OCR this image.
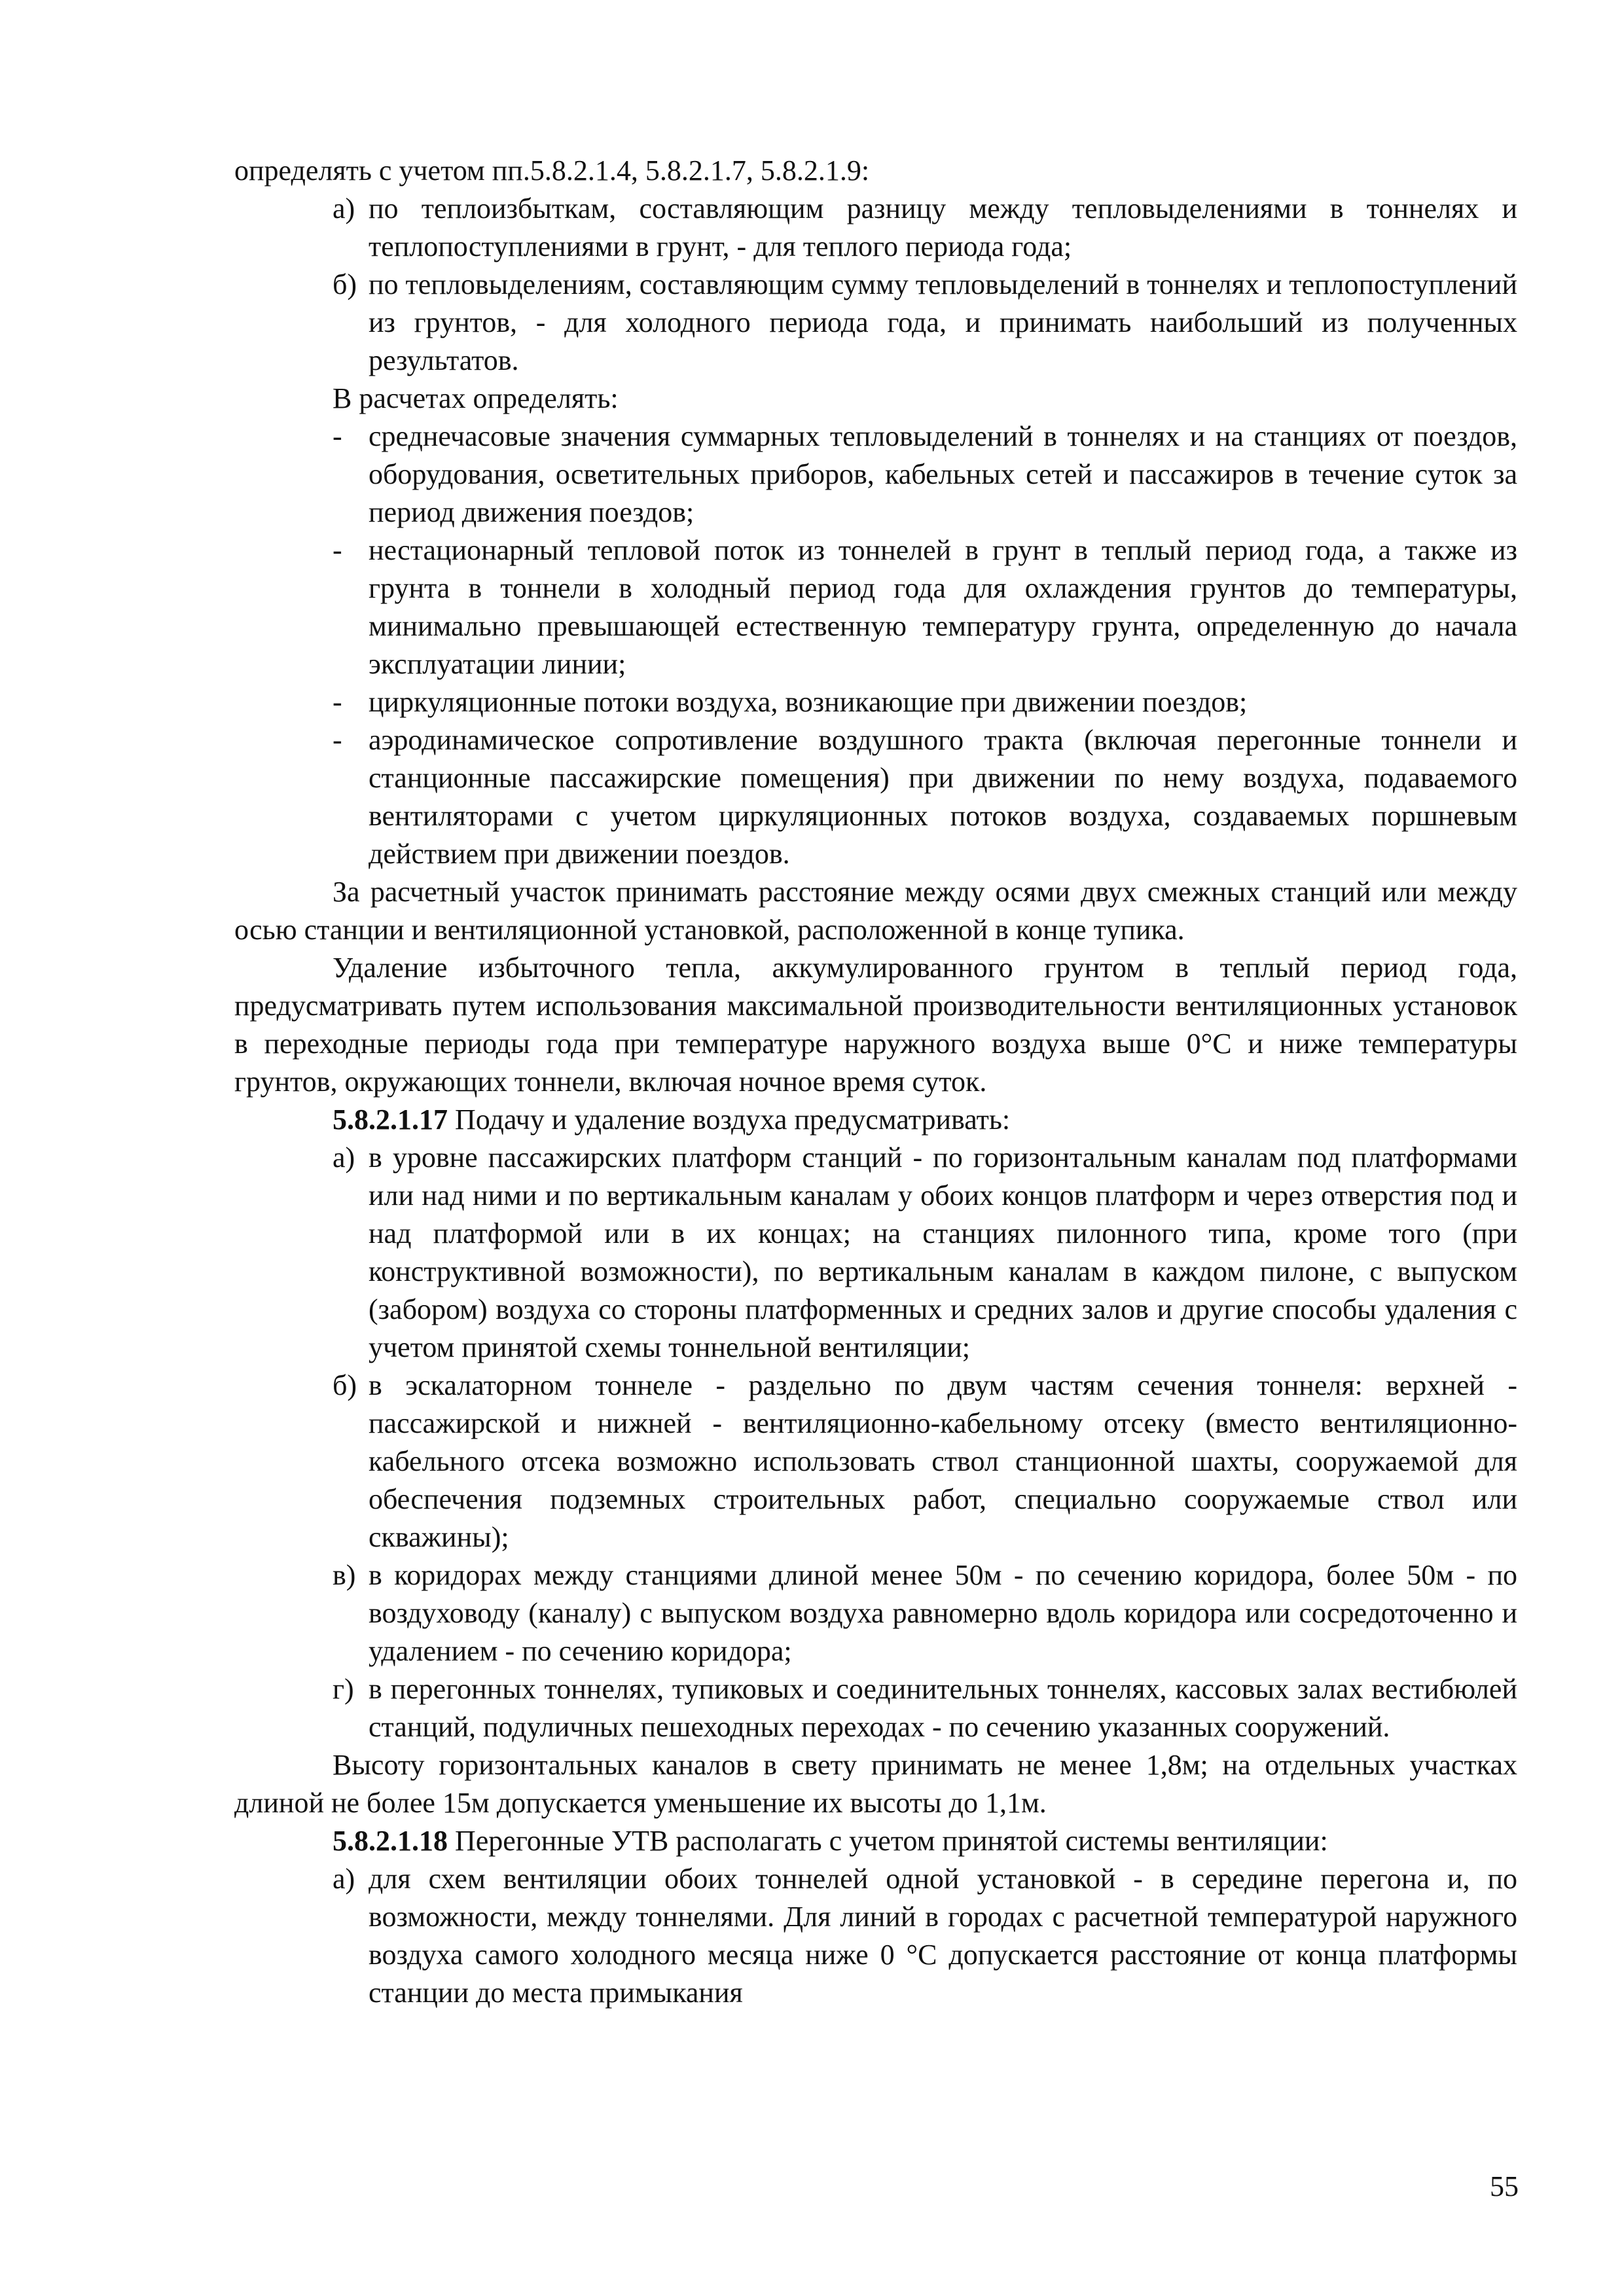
определять с учетом пп.5.8.2.1.4, 5.8.2.1.7, 5.8.2.1.9:

а) по теплоизбыткам, составляющим разницу между тепловыделениями в тоннелях и теплопоступлениями в грунт, - для теплого периода года;
б) по тепловыделениям, составляющим сумму тепловыделений в тоннелях и теплопоступлений из грунтов, - для холодного периода года, и принимать наибольший из полученных результатов.

В расчетах определять:

- среднечасовые значения суммарных тепловыделений в тоннелях и на станциях от поездов, оборудования, осветительных приборов, кабельных сетей и пассажиров в течение суток за период движения поездов;
- нестационарный тепловой поток из тоннелей в грунт в теплый период года, а также из грунта в тоннели в холодный период года для охлаждения грунтов до температуры, минимально превышающей естественную температуру грунта, определенную до начала эксплуатации линии;
- циркуляционные потоки воздуха, возникающие при движении поездов;
- аэродинамическое сопротивление воздушного тракта (включая перегонные тоннели и станционные пассажирские помещения) при движении по нему воздуха, подаваемого вентиляторами с учетом циркуляционных потоков воздуха, создаваемых поршневым действием при движении поездов.

За расчетный участок принимать расстояние между осями двух смежных станций или между осью станции и вентиляционной установкой, расположенной в конце тупика.

Удаление избыточного тепла, аккумулированного грунтом в теплый период года, предусматривать путем использования максимальной производительности вентиляционных установок в переходные периоды года при температуре наружного воздуха выше 0°С и ниже температуры грунтов, окружающих тоннели, включая ночное время суток.

5.8.2.1.17 Подачу и удаление воздуха предусматривать:

а) в уровне пассажирских платформ станций - по горизонтальным каналам под платформами или над ними и по вертикальным каналам у обоих концов платформ и через отверстия под и над платформой или в их концах; на станциях пилонного типа, кроме того (при конструктивной возможности), по вертикальным каналам в каждом пилоне, с выпуском (забором) воздуха со стороны платформенных и средних залов и другие способы удаления с учетом принятой схемы тоннельной вентиляции;
б) в эскалаторном тоннеле - раздельно по двум частям сечения тоннеля: верхней - пассажирской и нижней - вентиляционно-кабельному отсеку (вместо вентиляционно-кабельного отсека возможно использовать ствол станционной шахты, сооружаемой для обеспечения подземных строительных работ, специально сооружаемые ствол или скважины);
в) в коридорах между станциями длиной менее 50м - по сечению коридора, более 50м - по воздуховоду (каналу) с выпуском воздуха равномерно вдоль коридора или сосредоточенно и удалением - по сечению коридора;
г) в перегонных тоннелях, тупиковых и соединительных тоннелях, кассовых залах вестибюлей станций, подуличных пешеходных переходах - по сечению указанных сооружений.

Высоту горизонтальных каналов в свету принимать не менее 1,8м; на отдельных участках длиной не более 15м допускается уменьшение их высоты до 1,1м.

5.8.2.1.18 Перегонные УТВ располагать с учетом принятой системы вентиляции:

а) для схем вентиляции обоих тоннелей одной установкой - в середине перегона и, по возможности, между тоннелями. Для линий в городах с расчетной температурой наружного воздуха самого холодного месяца ниже 0 °С допускается расстояние от конца платформы станции до места примыкания
55
